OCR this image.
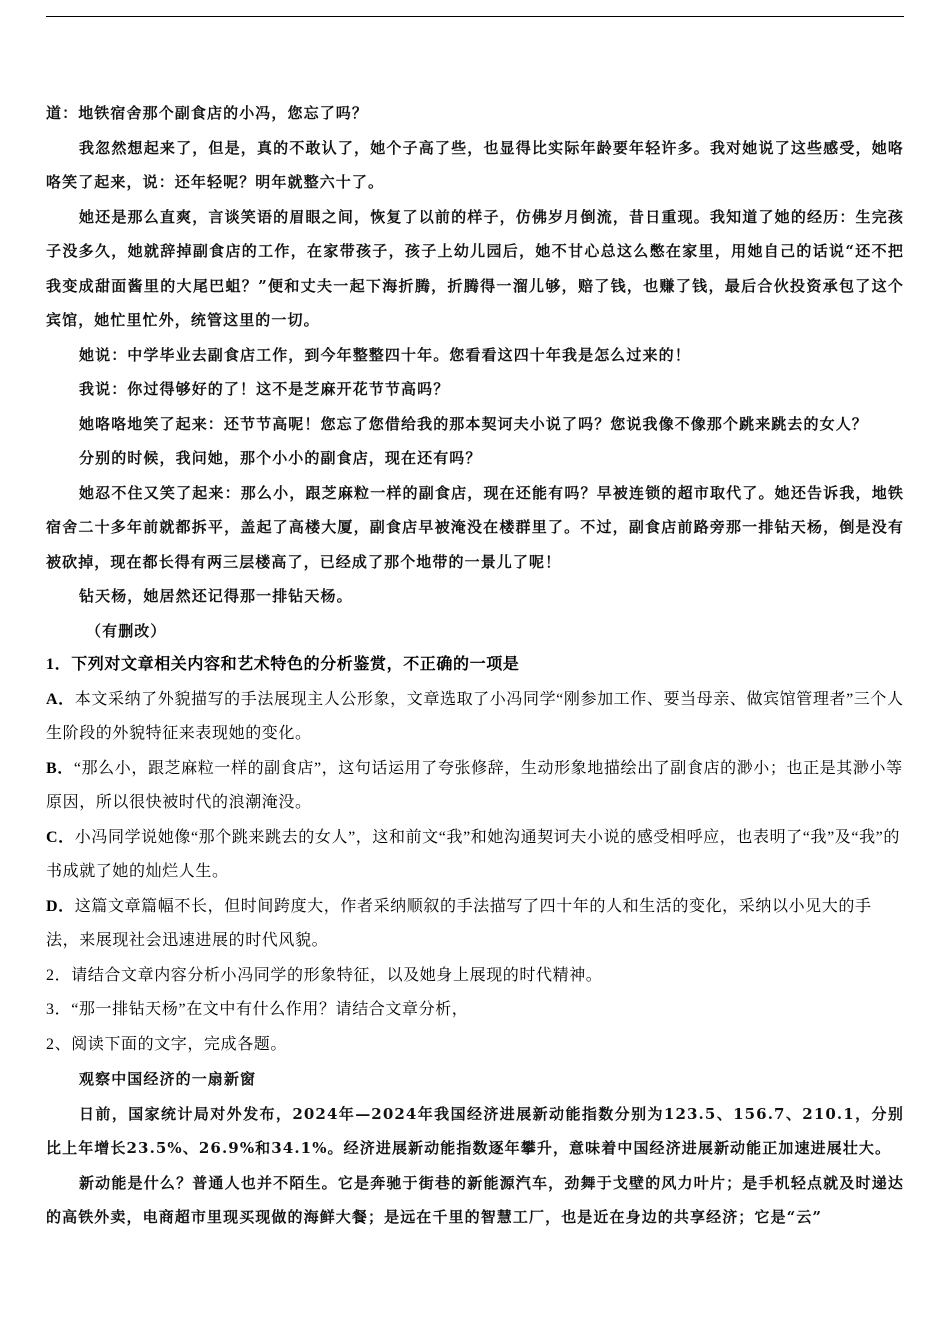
道：地铁宿舍那个副食店的小冯，您忘了吗？

我忽然想起来了，但是，真的不敢认了，她个子高了些，也显得比实际年龄要年轻许多。我对她说了这些感受，她咯咯笑了起来，说：还年轻呢？明年就整六十了。

她还是那么直爽，言谈笑语的眉眼之间，恢复了以前的样子，仿佛岁月倒流，昔日重现。我知道了她的经历：生完孩子没多久，她就辞掉副食店的工作，在家带孩子，孩子上幼儿园后，她不甘心总这么憋在家里，用她自己的话说“还不把我变成甜面酱里的大尾巴蛆？”便和丈夫一起下海折腾，折腾得一溜儿够，赔了钱，也赚了钱，最后合伙投资承包了这个宾馆，她忙里忙外，统管这里的一切。

她说：中学毕业去副食店工作，到今年整整四十年。您看看这四十年我是怎么过来的！

我说：你过得够好的了！这不是芝麻开花节节高吗？

她咯咯地笑了起来：还节节高呢！您忘了您借给我的那本契诃夫小说了吗？您说我像不像那个跳来跳去的女人？

分别的时候，我问她，那个小小的副食店，现在还有吗？

她忍不住又笑了起来：那么小，跟芝麻粒一样的副食店，现在还能有吗？早被连锁的超市取代了。她还告诉我，地铁宿舍二十多年前就都拆平，盖起了高楼大厦，副食店早被淹没在楼群里了。不过，副食店前路旁那一排钻天杨，倒是没有被砍掉，现在都长得有两三层楼高了，已经成了那个地带的一景儿了呢！

钻天杨，她居然还记得那一排钻天杨。

（有删改）

1．下列对文章相关内容和艺术特色的分析鉴赏，不正确的一项是

A．本文采纳了外貌描写的手法展现主人公形象，文章选取了小冯同学“刚参加工作、要当母亲、做宾馆管理者”三个人生阶段的外貌特征来表现她的变化。

B．“那么小，跟芝麻粒一样的副食店”，这句话运用了夸张修辞，生动形象地描绘出了副食店的渺小；也正是其渺小等原因，所以很快被时代的浪潮淹没。

C．小冯同学说她像“那个跳来跳去的女人”，这和前文“我”和她沟通契诃夫小说的感受相呼应，也表明了“我”及“我”的书成就了她的灿烂人生。

D．这篇文章篇幅不长，但时间跨度大，作者采纳顺叙的手法描写了四十年的人和生活的变化，采纳以小见大的手法，来展现社会迅速进展的时代风貌。

2．请结合文章内容分析小冯同学的形象特征，以及她身上展现的时代精神。

3．“那一排钻天杨”在文中有什么作用？请结合文章分析，

2、阅读下面的文字，完成各题。

观察中国经济的一扇新窗

日前，国家统计局对外发布，2024年—2024年我国经济进展新动能指数分别为123.5、156.7、210.1，分别比上年增长23.5%、26.9%和34.1%。经济进展新动能指数逐年攀升，意味着中国经济进展新动能正加速进展壮大。

新动能是什么？普通人也并不陌生。它是奔驰于街巷的新能源汽车，劲舞于戈壁的风力叶片；是手机轻点就及时递达的高铁外卖，电商超市里现买现做的海鲜大餐；是远在千里的智慧工厂，也是近在身边的共享经济；它是“云”
